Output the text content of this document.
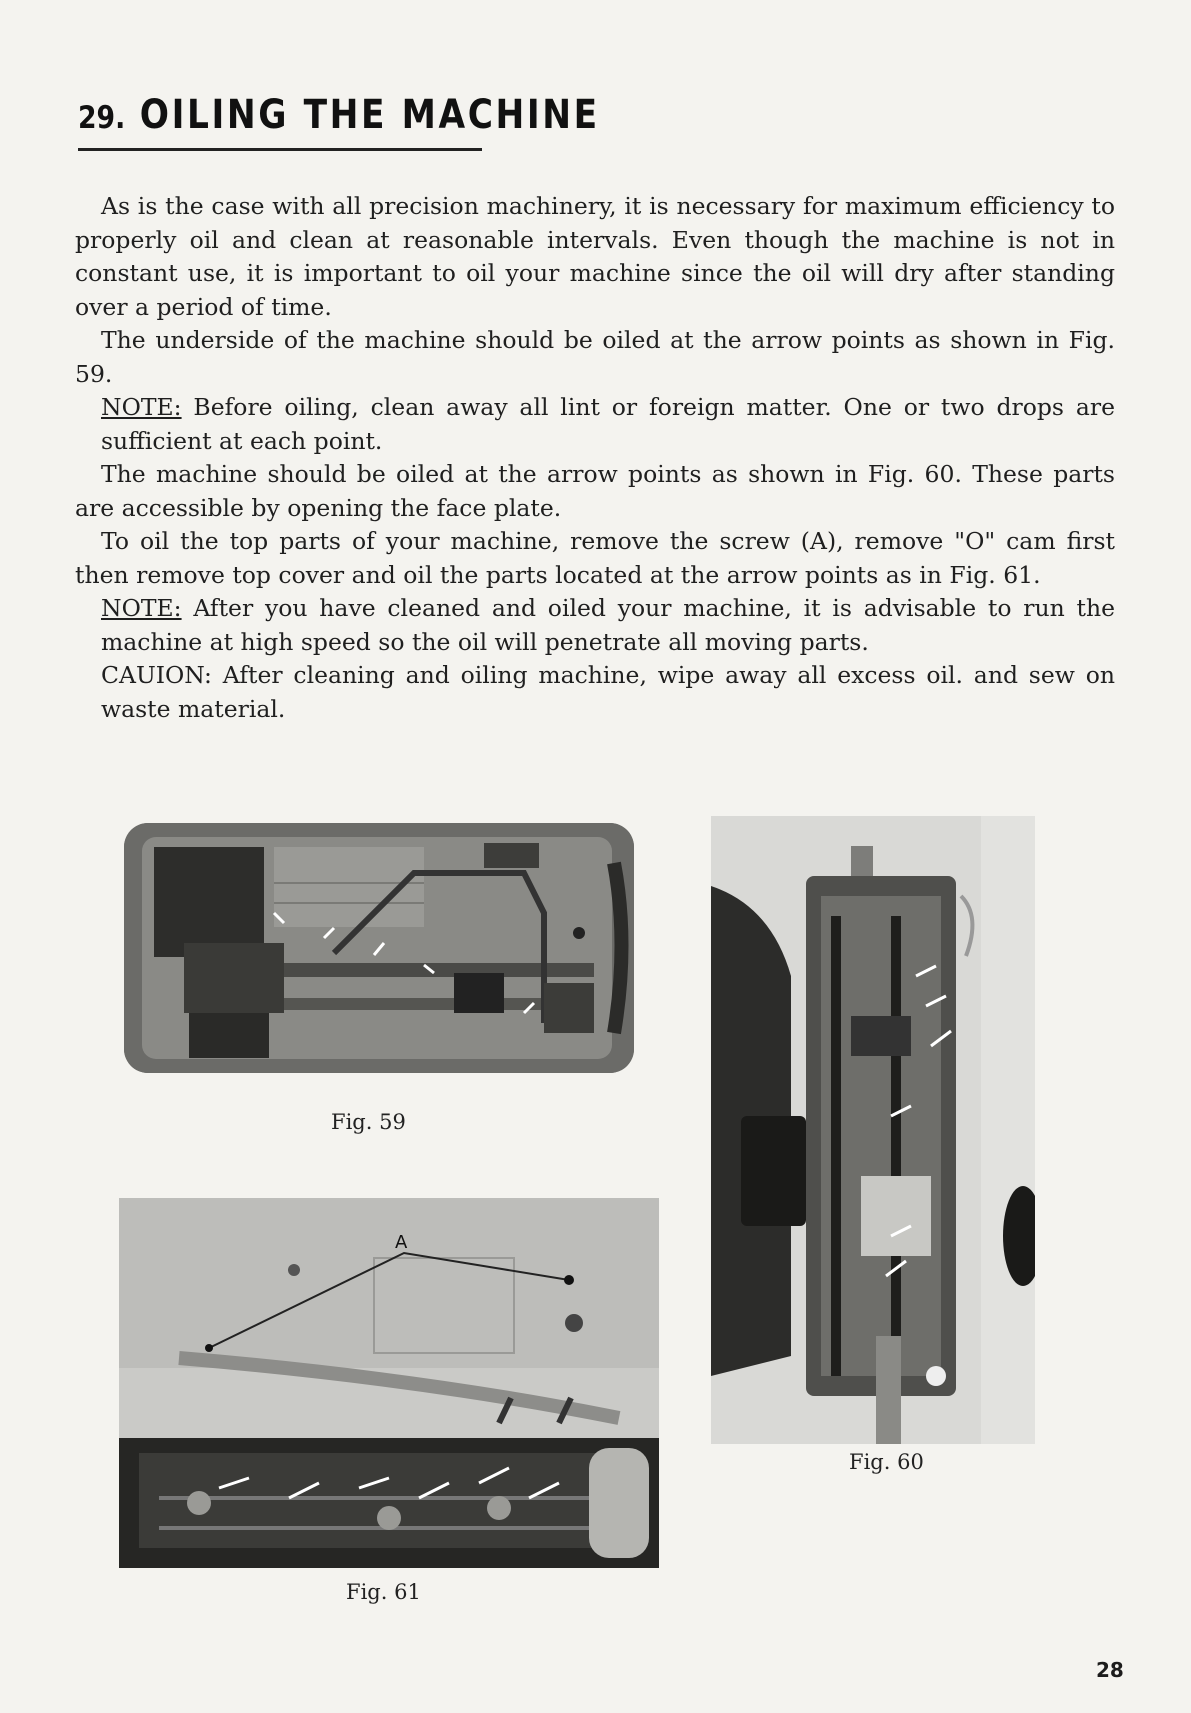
29. OILING THE MACHINE

As is the case with all precision machinery, it is necessary for maximum efficiency to properly oil and clean at reasonable intervals. Even though the machine is not in constant use, it is important to oil your machine since the oil will dry after standing over a period of time.

The underside of the machine should be oiled at the arrow points as shown in Fig. 59.

NOTE: Before oiling, clean away all lint or foreign matter. One or two drops are sufficient at each point.

The machine should be oiled at the arrow points as shown in Fig. 60. These parts are accessible by opening the face plate.

To oil the top parts of your machine, remove the screw (A), remove "O" cam first then remove top cover and oil the parts located at the arrow points as in Fig. 61.

NOTE: After you have cleaned and oiled your machine, it is advisable to run the machine at high speed so the oil will penetrate all moving parts.

CAUION: After cleaning and oiling machine, wipe away all excess oil. and sew on waste material.

Fig. 59
Fig. 60
A
Fig. 61
28
